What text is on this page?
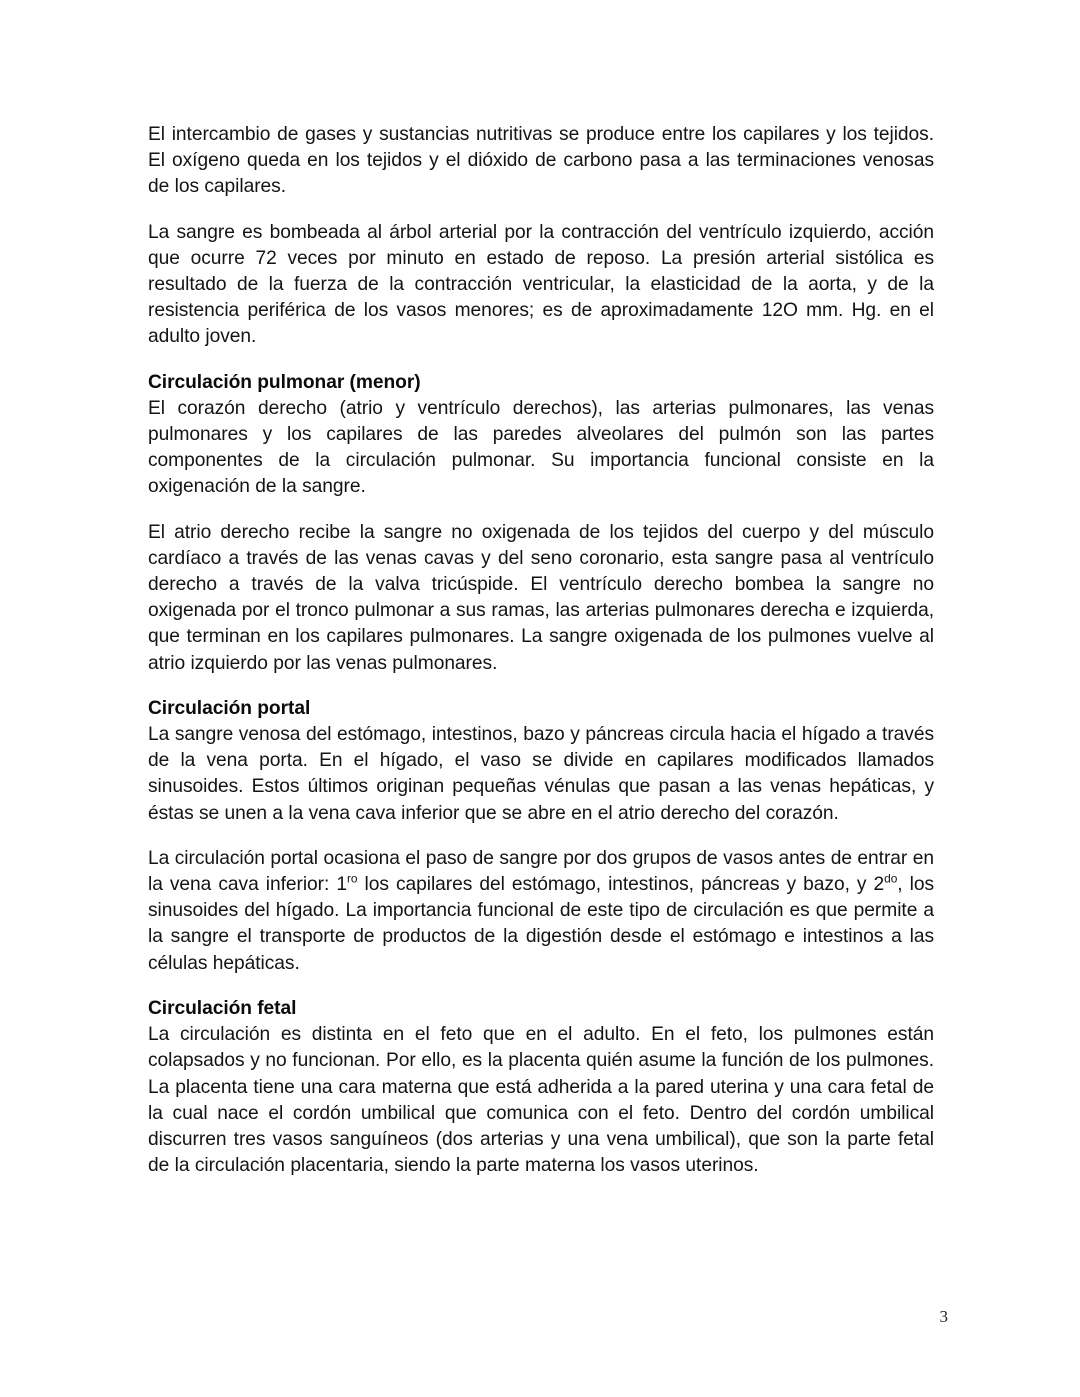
El intercambio de gases y sustancias nutritivas se produce entre los capilares y los tejidos. El oxígeno queda en los tejidos y el dióxido de carbono pasa a las terminaciones venosas de los capilares.

La sangre es bombeada al árbol arterial por la contracción del ventrículo izquierdo, acción que ocurre 72 veces por minuto en estado de reposo. La presión arterial sistólica es resultado de la fuerza de la contracción ventricular, la elasticidad de la aorta, y de la resistencia periférica de los vasos menores; es de aproximadamente 12O mm. Hg. en el adulto joven.

Circulación pulmonar (menor)

El corazón derecho (atrio y ventrículo derechos), las arterias pulmonares, las venas pulmonares y los capilares de las paredes alveolares del pulmón son las partes componentes de la circulación pulmonar. Su importancia funcional consiste en la oxigenación de la sangre.

El atrio derecho recibe la sangre no oxigenada de los tejidos del cuerpo y del músculo cardíaco a través de las venas cavas y del seno coronario, esta sangre pasa al ventrículo derecho a través de la valva tricúspide. El ventrículo derecho bombea la sangre no oxigenada por el tronco pulmonar a sus ramas, las arterias pulmonares derecha e izquierda, que terminan en los capilares pulmonares. La sangre oxigenada de los pulmones vuelve al atrio izquierdo por las venas pulmonares.

Circulación portal

La sangre venosa del estómago, intestinos, bazo y páncreas circula hacia el hígado a través de la vena porta. En el hígado, el vaso se divide en capilares modificados llamados sinusoides. Estos últimos originan pequeñas vénulas que pasan a las venas hepáticas, y éstas se unen a la vena cava inferior que se abre en el atrio derecho del corazón.

La circulación portal ocasiona el paso de sangre por dos grupos de vasos antes de entrar en la vena cava inferior: $1^{ro}$ los capilares del estómago, intestinos, páncreas y bazo, y $2^{do}$, los sinusoides del hígado. La importancia funcional de este tipo de circulación es que permite a la sangre el transporte de productos de la digestión desde el estómago e intestinos a las células hepáticas.

Circulación fetal

La circulación es distinta en el feto que en el adulto. En el feto, los pulmones están colapsados y no funcionan. Por ello, es la placenta quién asume la función de los pulmones. La placenta tiene una cara materna que está adherida a la pared uterina y una cara fetal de la cual nace el cordón umbilical que comunica con el feto. Dentro del cordón umbilical discurren tres vasos sanguíneos (dos arterias y una vena umbilical), que son la parte fetal de la circulación placentaria, siendo la parte materna los vasos uterinos.

3
